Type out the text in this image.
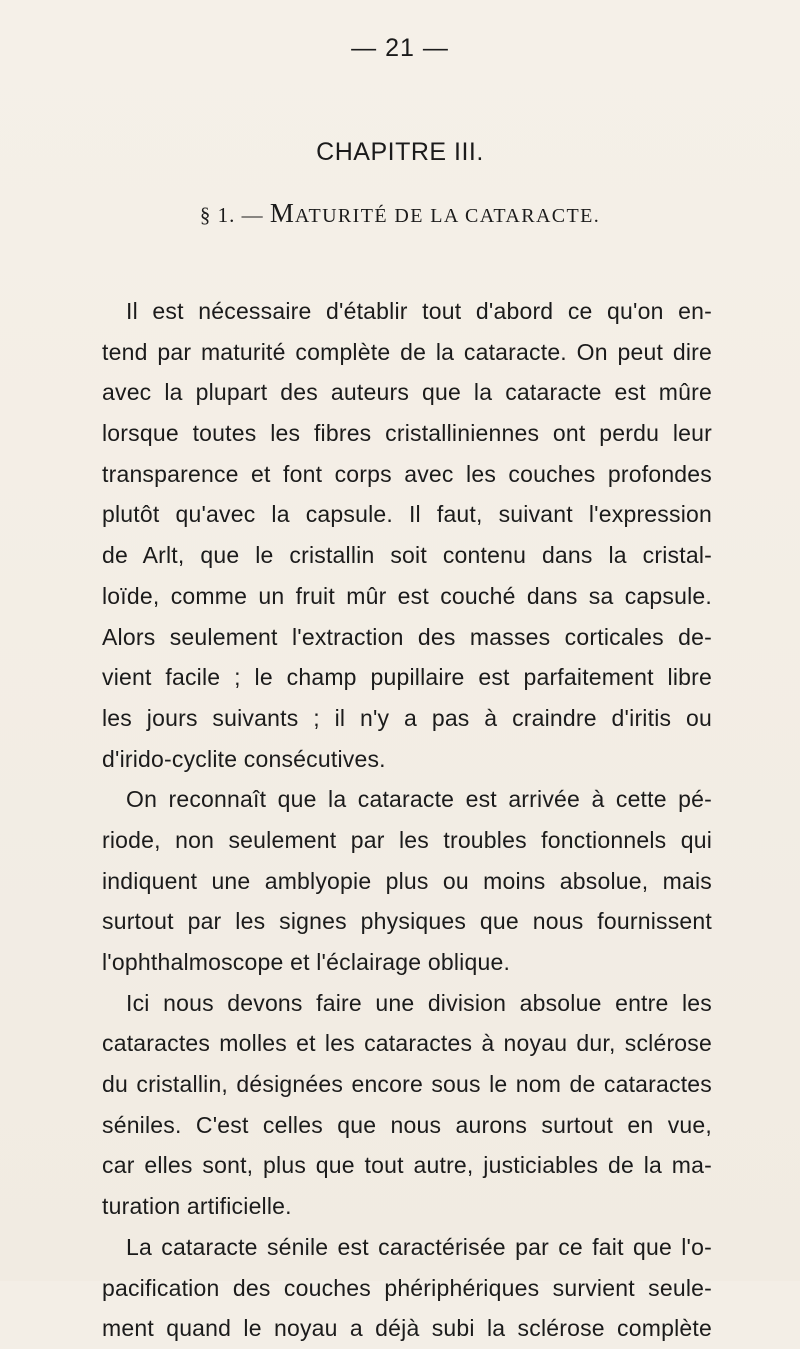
— 21 —
CHAPITRE III.
§ 1. — MATURITÉ DE LA CATARACTE.
Il est nécessaire d'établir tout d'abord ce qu'on en-
tend par maturité complète de la cataracte. On peut dire
avec la plupart des auteurs que la cataracte est mûre
lorsque toutes les fibres cristalliniennes ont perdu leur
transparence et font corps avec les couches profondes
plutôt qu'avec la capsule. Il faut, suivant l'expression
de Arlt, que le cristallin soit contenu dans la cristal-
loïde, comme un fruit mûr est couché dans sa capsule.
Alors seulement l'extraction des masses corticales de-
vient facile ; le champ pupillaire est parfaitement libre
les jours suivants ; il n'y a pas à craindre d'iritis ou
d'irido-cyclite consécutives.
On reconnaît que la cataracte est arrivée à cette pé-
riode, non seulement par les troubles fonctionnels qui
indiquent une amblyopie plus ou moins absolue, mais
surtout par les signes physiques que nous fournissent
l'ophthalmoscope et l'éclairage oblique.
Ici nous devons faire une division absolue entre les
cataractes molles et les cataractes à noyau dur, sclérose
du cristallin, désignées encore sous le nom de cataractes
séniles. C'est celles que nous aurons surtout en vue,
car elles sont, plus que tout autre, justiciables de la ma-
turation artificielle.
La cataracte sénile est caractérisée par ce fait que l'o-
pacification des couches phériphériques survient seule-
ment quand le noyau a déjà subi la sclérose complète
